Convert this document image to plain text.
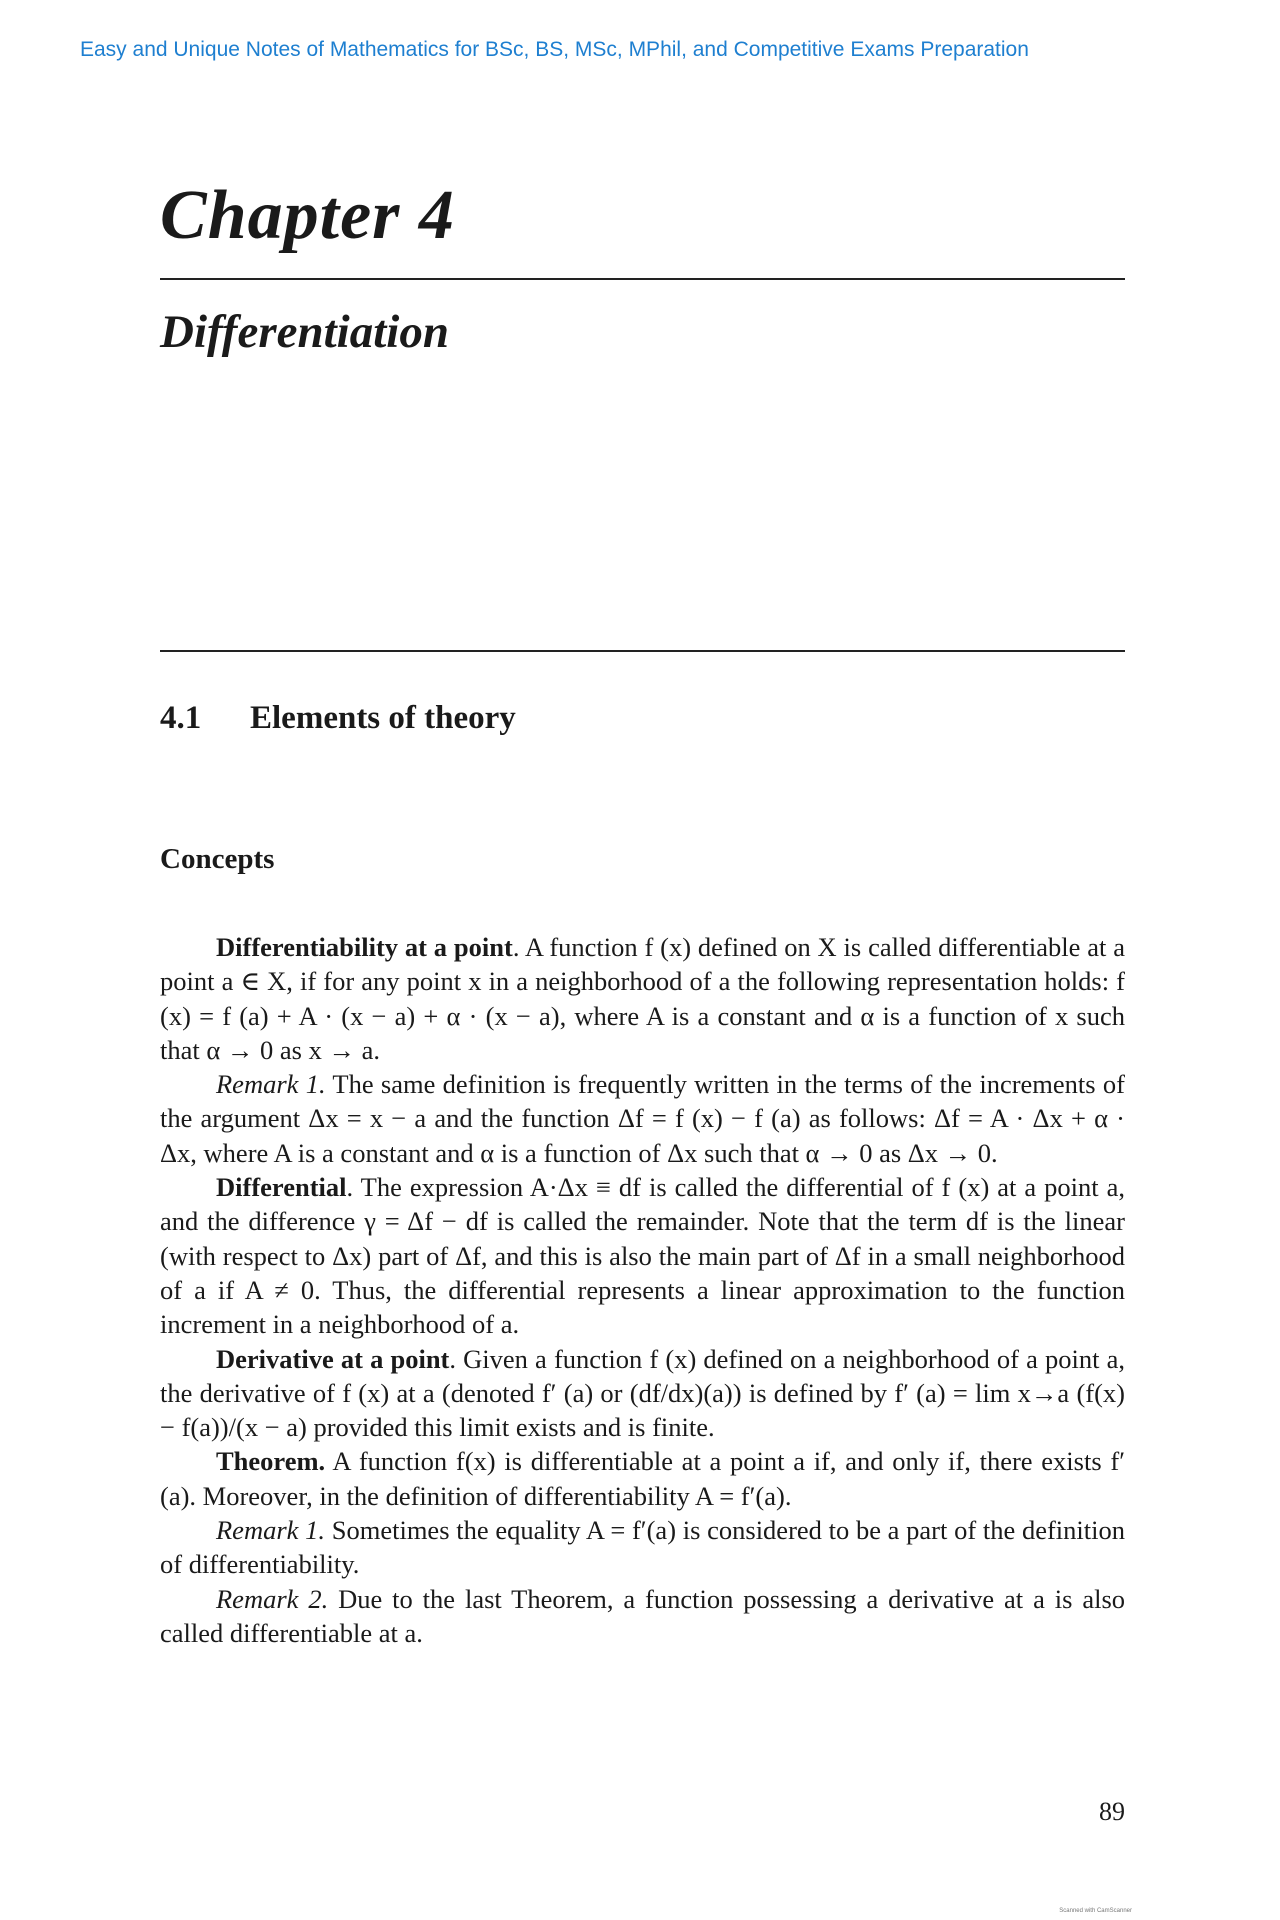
Easy and Unique Notes of Mathematics for BSc, BS, MSc, MPhil, and Competitive Exams Preparation
Chapter 4
Differentiation
4.1 Elements of theory
Concepts

Differentiability at a point. A function f (x) defined on X is called differentiable at a point a ∈ X, if for any point x in a neighborhood of a the following representation holds: f (x) = f (a) + A · (x − a) + α · (x − a), where A is a constant and α is a function of x such that α → 0 as x → a.

Remark 1. The same definition is frequently written in the terms of the increments of the argument Δx = x − a and the function Δf = f (x) − f (a) as follows: Δf = A · Δx + α · Δx, where A is a constant and α is a function of Δx such that α → 0 as Δx → 0.

Differential. The expression A·Δx ≡ df is called the differential of f (x) at a point a, and the difference γ = Δf − df is called the remainder. Note that the term df is the linear (with respect to Δx) part of Δf, and this is also the main part of Δf in a small neighborhood of a if A ≠ 0. Thus, the differential represents a linear approximation to the function increment in a neighborhood of a.

Derivative at a point. Given a function f (x) defined on a neighborhood of a point a, the derivative of f (x) at a (denoted f′ (a) or (df/dx)(a)) is defined by f′ (a) = lim x→a (f(x) − f(a))/(x − a) provided this limit exists and is finite.

Theorem. A function f(x) is differentiable at a point a if, and only if, there exists f′(a). Moreover, in the definition of differentiability A = f′(a).

Remark 1. Sometimes the equality A = f′(a) is considered to be a part of the definition of differentiability.

Remark 2. Due to the last Theorem, a function possessing a derivative at a is also called differentiable at a.

89
Scanned with CamScanner
